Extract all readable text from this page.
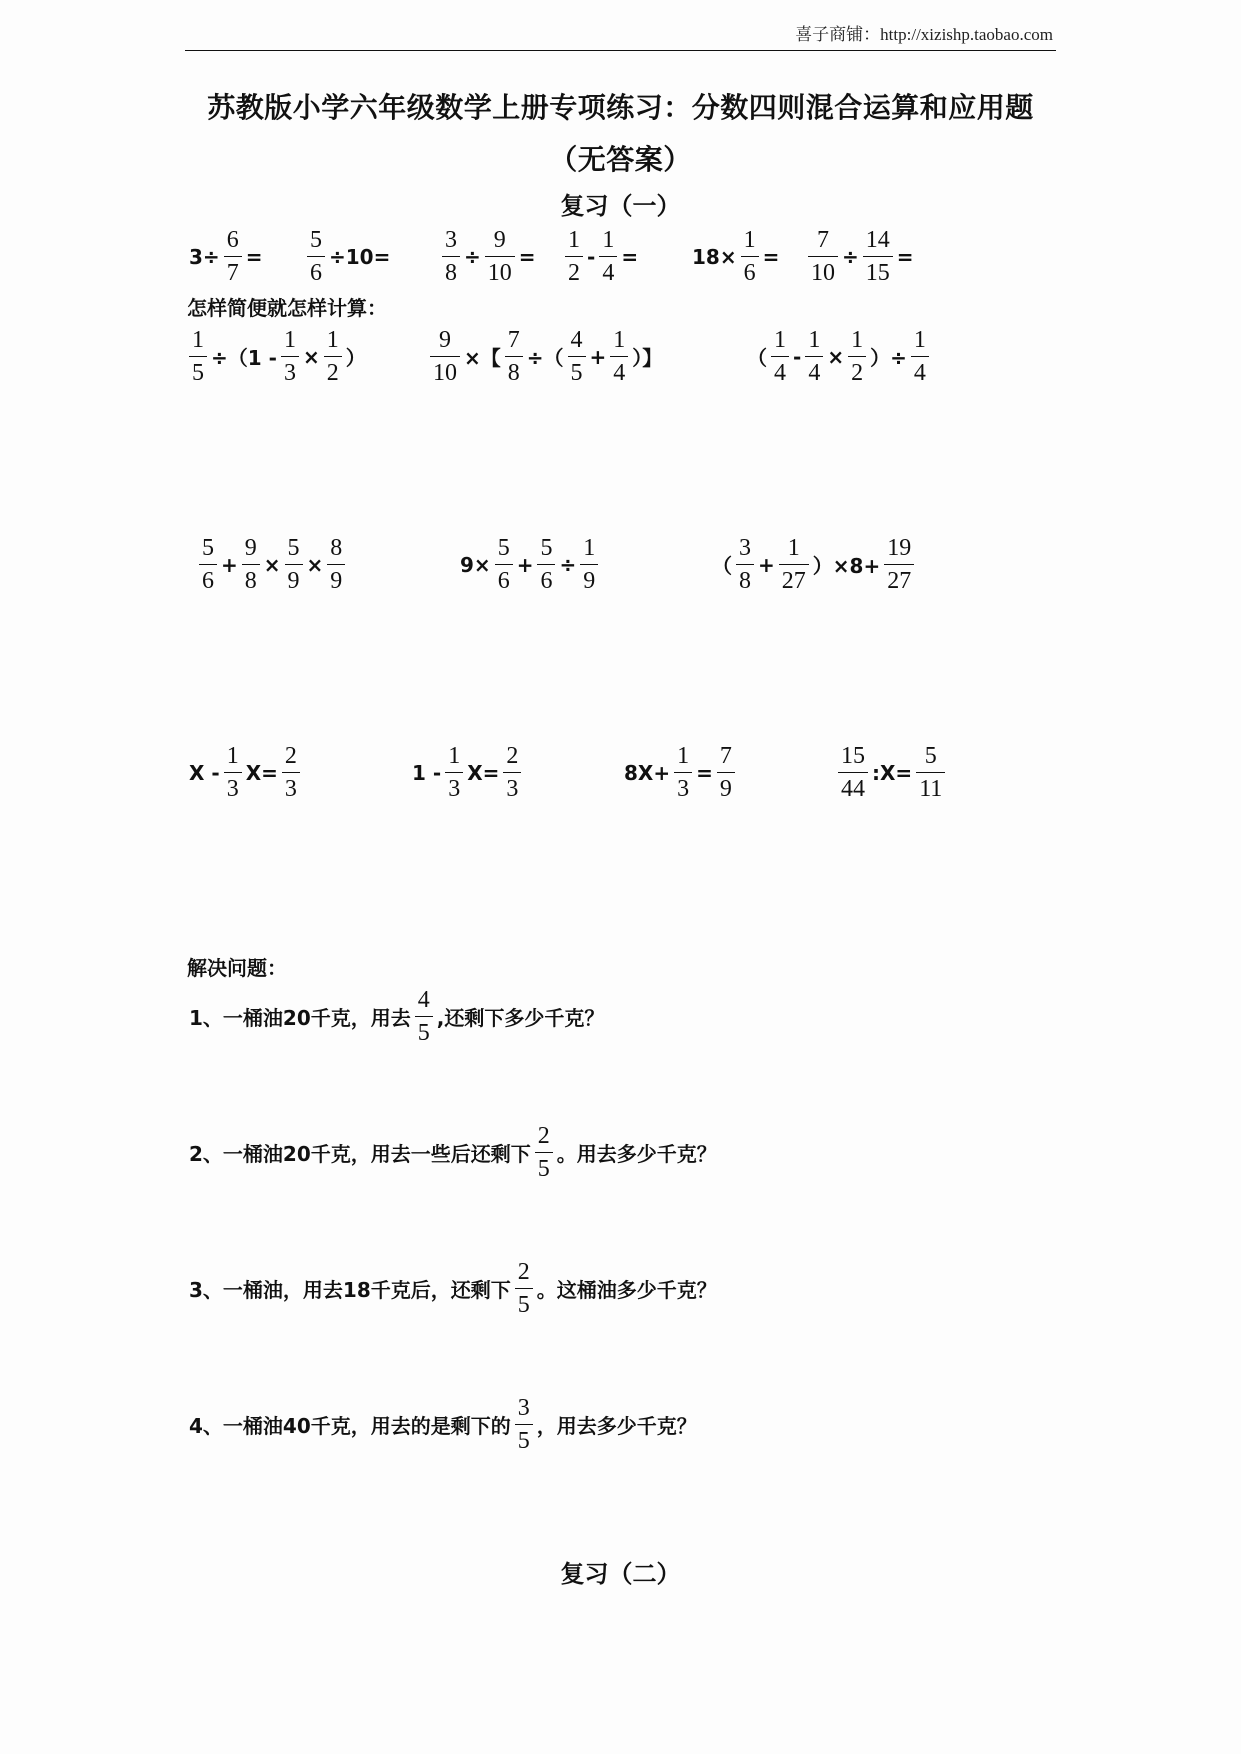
喜子商铺：http://xizishp.taobao.com
苏教版小学六年级数学上册专项练习：分数四则混合运算和应用题
（无答案）
复习（一）
$3\div \frac{6}{7} = \frac{5}{6} \div 10= \frac{3}{8} \div \frac{9}{10} = \frac{1}{2} - \frac{1}{4}$ =	$18\times \frac{1}{6} = \frac{7}{10} \div \frac{14}{15}$ =
怎样简便就怎样计算：
$\frac{1}{5} \div(1 - \frac{1}{3} \times \frac{1}{2}$ ）	$\frac{9}{10}$ ×【 $\frac{7}{8}$ ÷（ $\frac{4}{5} + \frac{1}{4}$ ）】	（ $\frac{1}{4} - \frac{1}{4} \times \frac{1}{2}$ ）÷ $\frac{1}{4}$
$\frac{5}{6} + \frac{9}{8} \times \frac{5}{9} \times \frac{8}{9}$	$9\times \frac{5}{6} + \frac{5}{6} \div \frac{1}{9}$	（ $\frac{3}{8} + \frac{1}{27} )\times 8+ \frac{19}{27}$
$X - \frac{1}{3} X= \frac{2}{3}$	$1 - \frac{1}{3} X= \frac{2}{3}$	$8X+ \frac{1}{3} = \frac{7}{9}$	$\frac{15}{44}$ :X= $\frac{5}{11}$
解决问题：
1、一桶油20千克，用去 $\frac{4}{5}$ ,还剩下多少千克？
2、一桶油20千克，用去一些后还剩下 $\frac{2}{5}$ 。用去多少千克？
3、一桶油，用去18千克后，还剩下 $\frac{2}{5}$ 。这桶油多少千克？
4、一桶油40千克，用去的是剩下的 $\frac{3}{5}$ ，用去多少千克？
复习（二）
